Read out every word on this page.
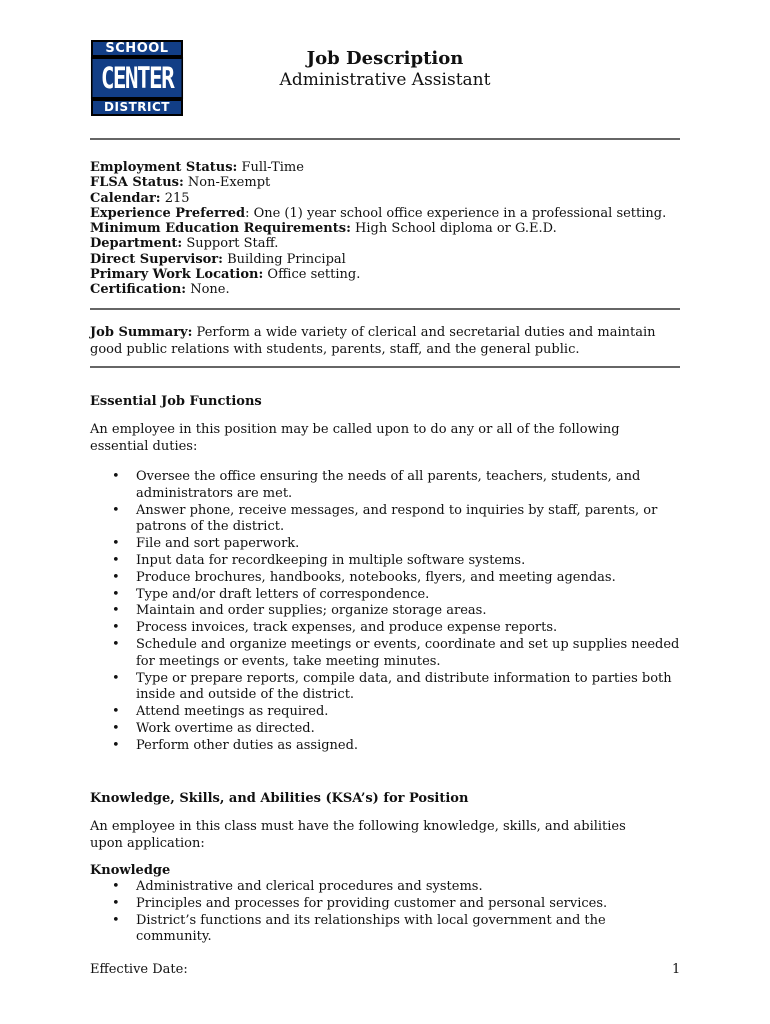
SCHOOL
CENTER
DISTRICT
Job Description
Administrative Assistant
Employment Status: Full-Time
FLSA Status: Non-Exempt
Calendar: 215
Experience Preferred: One (1) year school office experience in a professional setting.
Minimum Education Requirements: High School diploma or G.E.D.
Department: Support Staff.
Direct Supervisor: Building Principal
Primary Work Location: Office setting.
Certification: None.
Job Summary: Perform a wide variety of clerical and secretarial duties and maintain good public relations with students, parents, staff, and the general public.
Essential Job Functions
An employee in this position may be called upon to do any or all of the following essential duties:
• Oversee the office ensuring the needs of all parents, teachers, students, and administrators are met.
• Answer phone, receive messages, and respond to inquiries by staff, parents, or patrons of the district.
• File and sort paperwork.
• Input data for recordkeeping in multiple software systems.
• Produce brochures, handbooks, notebooks, flyers, and meeting agendas.
• Type and/or draft letters of correspondence.
• Maintain and order supplies; organize storage areas.
• Process invoices, track expenses, and produce expense reports.
• Schedule and organize meetings or events, coordinate and set up supplies needed for meetings or events, take meeting minutes.
• Type or prepare reports, compile data, and distribute information to parties both inside and outside of the district.
• Attend meetings as required.
• Work overtime as directed.
• Perform other duties as assigned.
Knowledge, Skills, and Abilities (KSA’s) for Position
An employee in this class must have the following knowledge, skills, and abilities upon application:
Knowledge
• Administrative and clerical procedures and systems.
• Principles and processes for providing customer and personal services.
• District’s functions and its relationships with local government and the community.
Effective Date:	1
